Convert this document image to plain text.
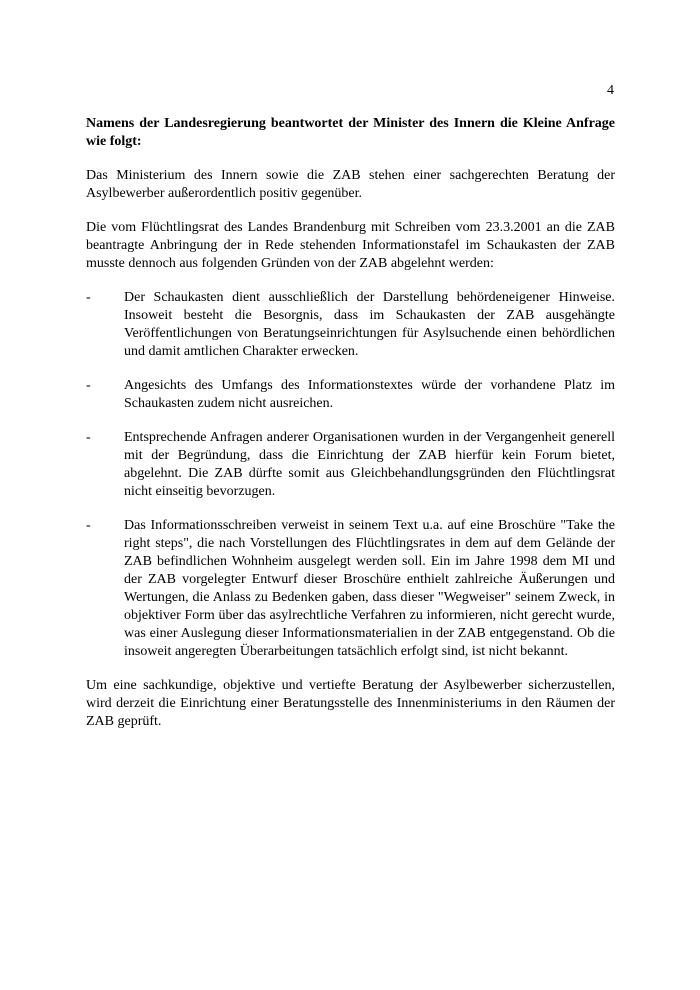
4

Namens der Landesregierung beantwortet der Minister des Innern die Kleine Anfrage wie folgt:

Das Ministerium des Innern sowie die ZAB stehen einer sachgerechten Beratung der Asylbewerber außerordentlich positiv gegenüber.

Die vom Flüchtlingsrat des Landes Brandenburg mit Schreiben vom 23.3.2001 an die ZAB beantragte Anbringung der in Rede stehenden Informationstafel im Schaukasten der ZAB musste dennoch aus folgenden Gründen von der ZAB abgelehnt werden:

-	Der Schaukasten dient ausschließlich der Darstellung behördeneigener Hinweise. Insoweit besteht die Besorgnis, dass im Schaukasten der ZAB ausgehängte Veröffentlichungen von Beratungseinrichtungen für Asylsuchende einen behördlichen und damit amtlichen Charakter erwecken.
-	Angesichts des Umfangs des Informationstextes würde der vorhandene Platz im Schaukasten zudem nicht ausreichen.
-	Entsprechende Anfragen anderer Organisationen wurden in der Vergangenheit generell mit der Begründung, dass die Einrichtung der ZAB hierfür kein Forum bietet, abgelehnt. Die ZAB dürfte somit aus Gleichbehandlungsgründen den Flüchtlingsrat nicht einseitig bevorzugen.
-	Das Informationsschreiben verweist in seinem Text u.a. auf eine Broschüre "Take the right steps", die nach Vorstellungen des Flüchtlingsrates in dem auf dem Gelände der ZAB befindlichen Wohnheim ausgelegt werden soll. Ein im Jahre 1998 dem MI und der ZAB vorgelegter Entwurf dieser Broschüre enthielt zahlreiche Äußerungen und Wertungen, die Anlass zu Bedenken gaben, dass dieser "Wegweiser" seinem Zweck, in objektiver Form über das asylrechtliche Verfahren zu informieren, nicht gerecht wurde, was einer Auslegung dieser Informationsmaterialien in der ZAB entgegenstand. Ob die insoweit angeregten Überarbeitungen tatsächlich erfolgt sind, ist nicht bekannt.

Um eine sachkundige, objektive und vertiefte Beratung der Asylbewerber sicherzustellen, wird derzeit die Einrichtung einer Beratungsstelle des Innenministeriums in den Räumen der ZAB geprüft.
